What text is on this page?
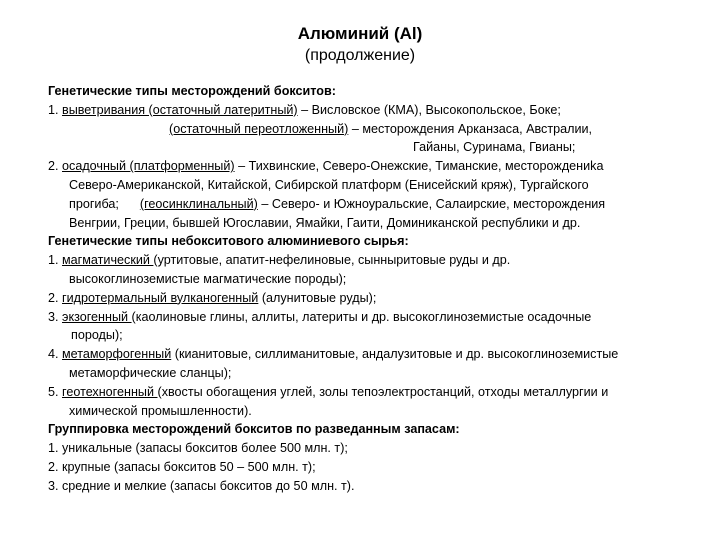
Алюминий (Al)
(продолжение)
Генетические типы месторождений бокситов:
1. выветривания (остаточный латеритный) – Висловское (КМА), Высокопольское, Боке;
(остаточный переотложенный) – месторождения Арканзаса, Австралии,
Гайаны, Суринама, Гвианы;
2. осадочный (платформенный) – Тихвинские, Северо-Онежские, Тиманские, месторождениkа
Северо-Американской, Китайской, Сибирской платформ (Енисейский кряж), Тургайского
прогиба;      (геосинклинальный) – Северо- и Южноуральские, Салаирские, месторождения
Венгрии, Греции, бывшей Югославии, Ямайки, Гаити, Доминиканской республики и др.
Генетические типы небокситового алюминиевого сырья:
1. магматический (уртитовые, апатит-нефелиновые, сынныритовые руды и др.
высокоглиноземистые магматические породы);
2. гидротермальный вулканогенный (алунитовые руды);
3. экзогенный (каолиновые глины, аллиты, латериты и др. высокоглиноземистые осадочные
породы);
4. метаморфогенный (кианитовые, силлиманитовые, андалузитовые и др. высокоглиноземистые
метаморфические сланцы);
5. геотехногенный (хвосты обогащения углей, золы тепоэлектростанций, отходы металлургии и
химической промышленности).
Группировка месторождений бокситов по разведанным запасам:
1. уникальные (запасы бокситов более 500 млн. т);
2. крупные (запасы бокситов 50 – 500 млн. т);
3. средние и мелкие (запасы бокситов до 50 млн. т).
